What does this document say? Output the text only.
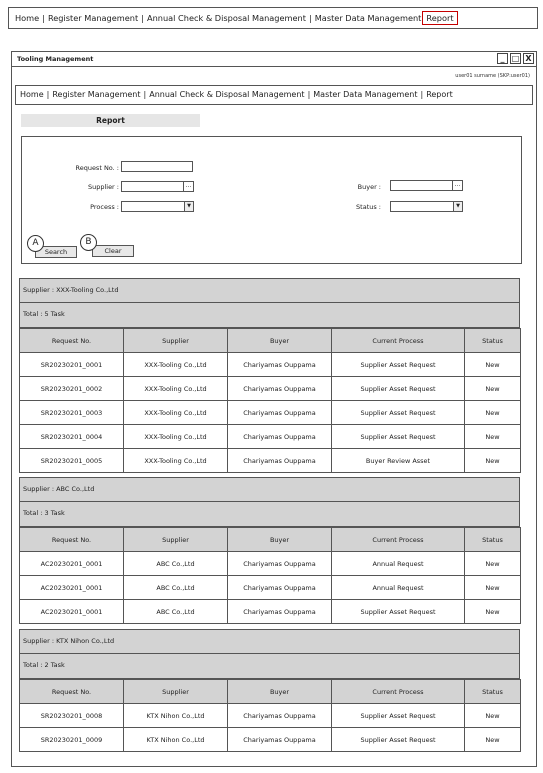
Home | Register Management | Annual Check & Disposal Management | Master Data Management Report
Tooling Management	_ □ X
user01 surname (SKP:user01)
Home | Register Management | Annual Check & Disposal Management | Master Data Management | Report
Report
Request No. :
Supplier :	...
Process :	▼
Buyer :	...
Status :	▼
A
Search
B
Clear
Supplier : XXX-Tooling Co.,Ltd
Total : 5 Task
Request No.	Supplier	Buyer	Current Process	Status
SR20230201_0001	XXX-Tooling Co.,Ltd	Chariyamas Ouppama	Supplier Asset Request	New
SR20230201_0002	XXX-Tooling Co.,Ltd	Chariyamas Ouppama	Supplier Asset Request	New
SR20230201_0003	XXX-Tooling Co.,Ltd	Chariyamas Ouppama	Supplier Asset Request	New
SR20230201_0004	XXX-Tooling Co.,Ltd	Chariyamas Ouppama	Supplier Asset Request	New
SR20230201_0005	XXX-Tooling Co.,Ltd	Chariyamas Ouppama	Buyer Review Asset	New
Supplier : ABC Co.,Ltd
Total : 3 Task
Request No.	Supplier	Buyer	Current Process	Status
AC20230201_0001	ABC Co.,Ltd	Chariyamas Ouppama	Annual Request	New
AC20230201_0001	ABC Co.,Ltd	Chariyamas Ouppama	Annual Request	New
AC20230201_0001	ABC Co.,Ltd	Chariyamas Ouppama	Supplier Asset Request	New
Supplier : KTX Nihon Co.,Ltd
Total : 2 Task
Request No.	Supplier	Buyer	Current Process	Status
SR20230201_0008	KTX Nihon Co.,Ltd	Chariyamas Ouppama	Supplier Asset Request	New
SR20230201_0009	KTX Nihon Co.,Ltd	Chariyamas Ouppama	Supplier Asset Request	New
